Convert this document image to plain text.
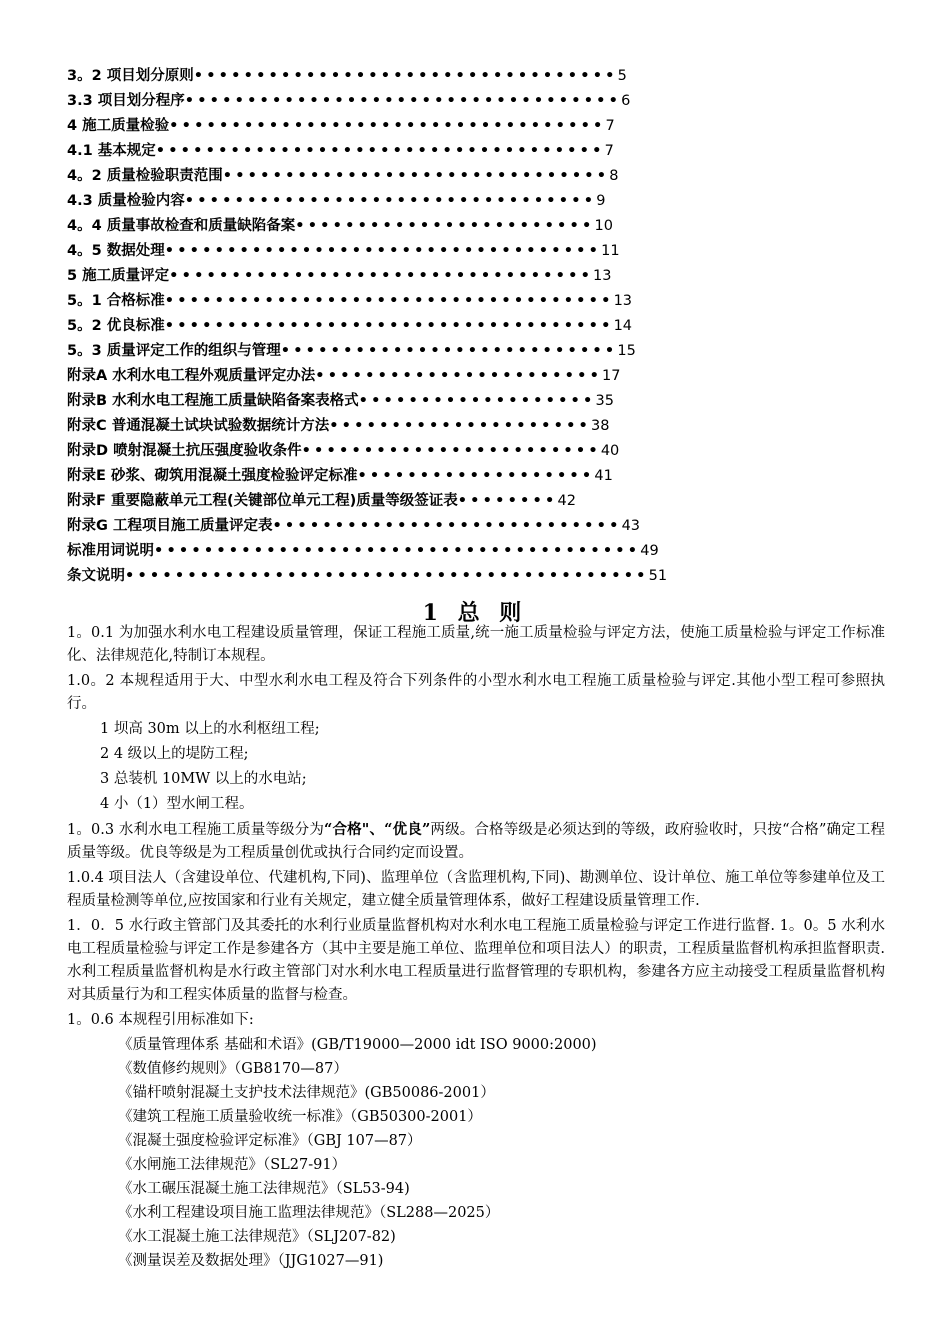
3。2 项目划分原则••••••••••••••••••••••••••••••••••5
3.3 项目划分程序•••••••••••••••••••••••••••••••••••6
4 施工质量检验•••••••••••••••••••••••••••••••••••7
4.1 基本规定••••••••••••••••••••••••••••••••••••7
4。2 质量检验职责范围•••••••••••••••••••••••••••••••8
4.3 质量检验内容•••••••••••••••••••••••••••••••••9
4。4 质量事故检查和质量缺陷备案••••••••••••••••••••••••10
4。5 数据处理•••••••••••••••••••••••••••••••••••11
5 施工质量评定••••••••••••••••••••••••••••••••••13
5。1 合格标准••••••••••••••••••••••••••••••••••••13
5。2 优良标准••••••••••••••••••••••••••••••••••••14
5。3 质量评定工作的组织与管理•••••••••••••••••••••••••••15
附录A 水利水电工程外观质量评定办法•••••••••••••••••••••••17
附录B 水利水电工程施工质量缺陷备案表格式•••••••••••••••••••35
附录C 普通混凝土试块试验数据统计方法•••••••••••••••••••••38
附录D 喷射混凝土抗压强度验收条件••••••••••••••••••••••••40
附录E 砂浆、砌筑用混凝土强度检验评定标准•••••••••••••••••••41
附录F 重要隐蔽单元工程(关键部位单元工程)质量等级签证表••••••••42
附录G 工程项目施工质量评定表••••••••••••••••••••••••••••43
标准用词说明•••••••••••••••••••••••••••••••••••••••49
条文说明••••••••••••••••••••••••••••••••••••••••••51
1 总 则

1。0.1 为加强水利水电工程建设质量管理，保证工程施工质量,统一施工质量检验与评定方法，使施工质量检验与评定工作标准化、法律规范化,特制订本规程。

1.0。2 本规程适用于大、中型水利水电工程及符合下列条件的小型水利水电工程施工质量检验与评定.其他小型工程可参照执行。

1 坝高 30m 以上的水利枢纽工程;

2 4 级以上的堤防工程;

3 总装机 10MW 以上的水电站;

4 小（1）型水闸工程。

1。0.3 水利水电工程施工质量等级分为“合格"、“优良”两级。合格等级是必须达到的等级，政府验收时，只按“合格”确定工程质量等级。优良等级是为工程质量创优或执行合同约定而设置。

1.0.4 项目法人（含建设单位、代建机构,下同)、监理单位（含监理机构,下同)、勘测单位、设计单位、施工单位等参建单位及工程质量检测等单位,应按国家和行业有关规定，建立健全质量管理体系，做好工程建设质量管理工作.

1．0．5 水行政主管部门及其委托的水利行业质量监督机构对水利水电工程施工质量检验与评定工作进行监督. 1。0。5 水利水电工程质量检验与评定工作是参建各方（其中主要是施工单位、监理单位和项目法人）的职责，工程质量监督机构承担监督职责.水利工程质量监督机构是水行政主管部门对水利水电工程质量进行监督管理的专职机构，参建各方应主动接受工程质量监督机构对其质量行为和工程实体质量的监督与检查。

1。0.6 本规程引用标准如下:

《质量管理体系 基础和术语》(GB/T19000—2000 idt ISO 9000:2000)

《数值修约规则》（GB8170—87）

《锚杆喷射混凝土支护技术法律规范》(GB50086-2001）

《建筑工程施工质量验收统一标准》（GB50300-2001）

《混凝土强度检验评定标准》（GBJ 107—87）

《水闸施工法律规范》（SL27-91）

《水工碾压混凝土施工法律规范》（SL53-94)

《水利工程建设项目施工监理法律规范》（SL288—2025）

《水工混凝土施工法律规范》（SLJ207-82)

《测量误差及数据处理》（JJG1027—91)
